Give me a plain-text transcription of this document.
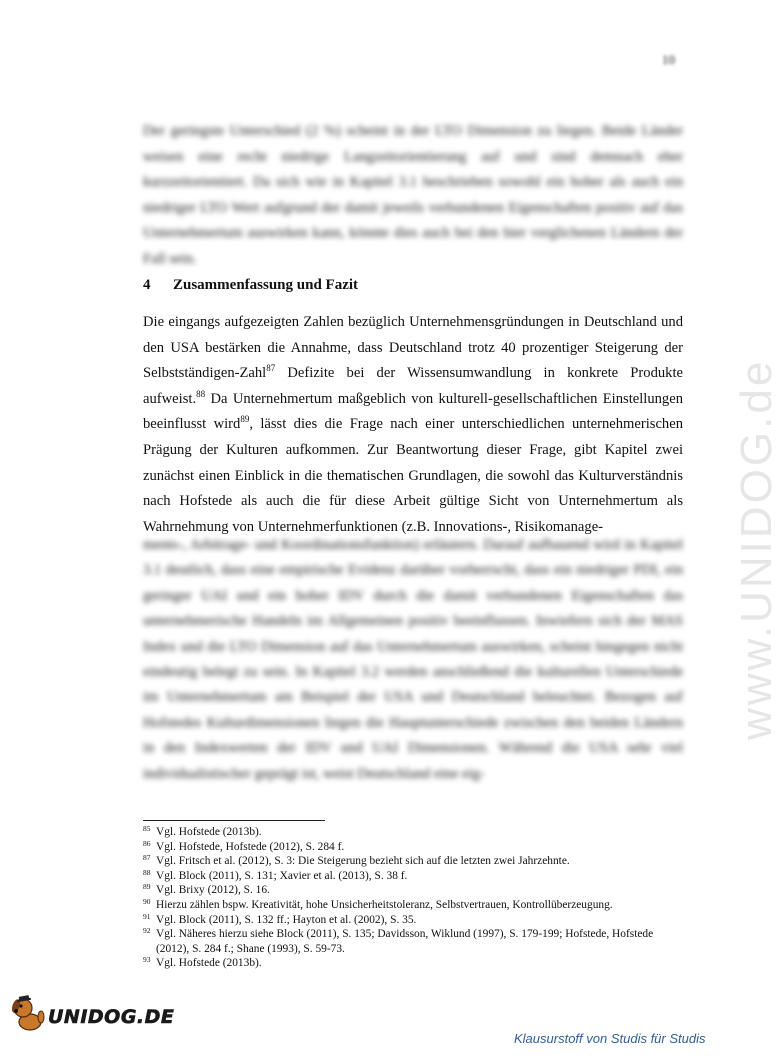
10
Der geringste Unterschied (2 %) scheint in der LTO Dimension zu liegen. Beide Länder weisen eine recht niedrige Langzeitorientierung auf und sind demnach eher kurzzeitorientiert. Da sich wie in Kapitel 3.1 beschrieben sowohl ein hoher als auch ein niedriger LTO Wert aufgrund der damit jeweils verbundenen Eigenschaften positiv auf das Unternehmertum auswirken kann, könnte dies auch bei den hier verglichenen Ländern der Fall sein.
4 Zusammenfassung und Fazit
Die eingangs aufgezeigten Zahlen bezüglich Unternehmensgründungen in Deutschland und den USA bestärken die Annahme, dass Deutschland trotz 40 prozentiger Steigerung der Selbstständigen-Zahl$^{87}$ Defizite bei der Wissensumwandlung in konkrete Produkte aufweist.$^{88}$ Da Unternehmertum maßgeblich von kulturell-gesellschaftlichen Einstellungen beeinflusst wird$^{89}$, lässt dies die Frage nach einer unterschiedlichen unternehmerischen Prägung der Kulturen aufkommen. Zur Beantwortung dieser Frage, gibt Kapitel zwei zunächst einen Einblick in die thematischen Grundlagen, die sowohl das Kulturverständnis nach Hofstede als auch die für diese Arbeit gültige Sicht von Unternehmertum als Wahrnehmung von Unternehmerfunktionen (z.B. Innovations-, Risikomanage-
ments-, Arbitrage- und Koordinationsfunktion) erläutern. Darauf aufbauend wird in Kapitel 3.1 deutlich, dass eine empirische Evidenz darüber vorherrscht, dass ein niedriger PDI, ein geringer UAI und ein hoher IDV durch die damit verbundenen Eigenschaften das unternehmerische Handeln im Allgemeinen positiv beeinflussen. Inwiefern sich der MAS Index und die LTO Dimension auf das Unternehmertum auswirken, scheint hingegen nicht eindeutig belegt zu sein. In Kapitel 3.2 werden anschließend die kulturellen Unterschiede im Unternehmertum am Beispiel der USA und Deutschland beleuchtet. Bezogen auf Hofstedes Kulturdimensionen liegen die Hauptunterschiede zwischen den beiden Ländern in den Indexwerten der IDV und UAI Dimensionen. Während die USA sehr viel individualistischer geprägt ist, weist Deutschland eine eig-
85 Vgl. Hofstede (2013b).
86 Vgl. Hofstede, Hofstede (2012), S. 284 f.
87 Vgl. Fritsch et al. (2012), S. 3: Die Steigerung bezieht sich auf die letzten zwei Jahrzehnte.
88 Vgl. Block (2011), S. 131; Xavier et al. (2013), S. 38 f.
89 Vgl. Brixy (2012), S. 16.
90 Hierzu zählen bspw. Kreativität, hohe Unsicherheitstoleranz, Selbstvertrauen, Kontrollüberzeugung.
91 Vgl. Block (2011), S. 132 ff.; Hayton et al. (2002), S. 35.
92 Vgl. Näheres hierzu siehe Block (2011), S. 135; Davidsson, Wiklund (1997), S. 179-199; Hofstede, Hofstede (2012), S. 284 f.; Shane (1993), S. 59-73.
93 Vgl. Hofstede (2013b).
www.UNIDOG.de
UNIDOG.DE
Klausurstoff von Studis für Studis
